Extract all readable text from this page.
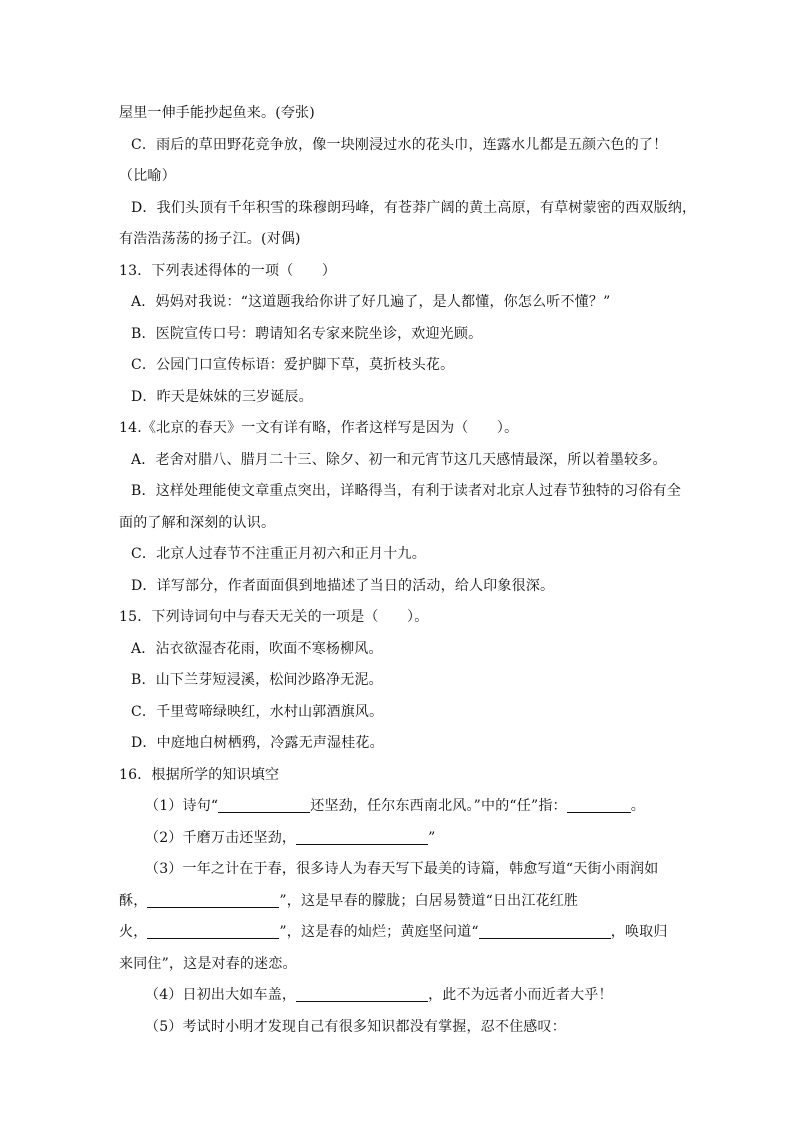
屋里一伸手能抄起鱼来。(夸张)

C．雨后的草田野花竞争放，像一块刚浸过水的花头巾，连露水儿都是五颜六色的了！

（比喻）

D．我们头顶有千年积雪的珠穆朗玛峰，有苍莽广阔的黄土高原，有草树蒙密的西双版纳，

有浩浩荡荡的扬子江。(对偶)

13．下列表述得体的一项（　　）

A．妈妈对我说：“这道题我给你讲了好几遍了，是人都懂，你怎么听不懂？”

B．医院宣传口号：聘请知名专家来院坐诊，欢迎光顾。

C．公园门口宣传标语：爱护脚下草，莫折枝头花。

D．昨天是妹妹的三岁诞辰。

14.《北京的春天》一文有详有略，作者这样写是因为（　　）。

A．老舍对腊八、腊月二十三、除夕、初一和元宵节这几天感情最深，所以着墨较多。

B．这样处理能使文章重点突出，详略得当，有利于读者对北京人过春节独特的习俗有全

面的了解和深刻的认识。

C．北京人过春节不注重正月初六和正月十九。

D．详写部分，作者面面俱到地描述了当日的活动，给人印象很深。

15．下列诗词句中与春天无关的一项是（　　）。

A．沾衣欲湿杏花雨，吹面不寒杨柳风。

B．山下兰芽短浸溪，松间沙路净无泥。

C．千里莺啼绿映红，水村山郭酒旗风。

D．中庭地白树栖鸦，冷露无声湿桂花。

16．根据所学的知识填空

（1）诗句“	还坚劲，任尔东西南北风。”中的“任”指：	。

（2）千磨万击还坚劲，	”

（3）一年之计在于春，很多诗人为春天写下最美的诗篇，韩愈写道“天街小雨润如

酥，	”，这是早春的朦胧；白居易赞道“日出江花红胜

火，	”，这是春的灿烂；黄庭坚问道“	，唤取归

来同住”，这是对春的迷恋。

（4）日初出大如车盖，	，此不为远者小而近者大乎！

（5）考试时小明才发现自己有很多知识都没有掌握，忍不住感叹：
